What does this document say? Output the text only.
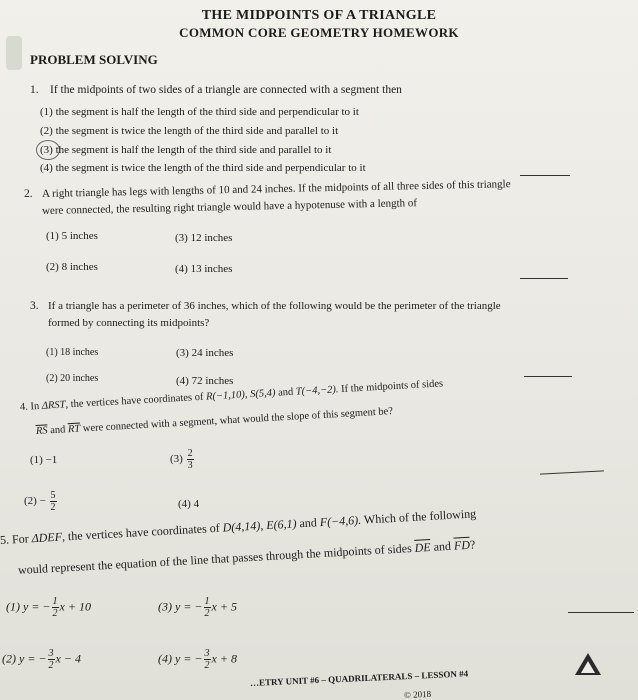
THE MIDPOINTS OF A TRIANGLE
COMMON CORE GEOMETRY HOMEWORK
PROBLEM SOLVING
1. If the midpoints of two sides of a triangle are connected with a segment then
(1) the segment is half the length of the third side and perpendicular to it
(2) the segment is twice the length of the third side and parallel to it
(3) the segment is half the length of the third side and parallel to it
(4) the segment is twice the length of the third side and perpendicular to it
2. A right triangle has legs with lengths of 10 and 24 inches. If the midpoints of all three sides of this triangle
were connected, the resulting right triangle would have a hypotenuse with a length of
(1) 5 inches	(3) 12 inches
(2) 8 inches	(4) 13 inches
3. If a triangle has a perimeter of 36 inches, which of the following would be the perimeter of the triangle
formed by connecting its midpoints?
(1) 18 inches	(3) 24 inches
(2) 20 inches	(4) 72 inches
4. In ΔRST, the vertices have coordinates of R(−1,10), S(5,4) and T(−4,−2). If the midpoints of sides
$\overline{RS}$ and $\overline{RT}$ were connected with a segment, what would the slope of this segment be?
(1) −1	$(3) \frac{2}{3}$
$(2) - \frac{5}{2}$	(4) 4
5. For ΔDEF, the vertices have coordinates of D(4,14), E(6,1) and F(−4,6). Which of the following
would represent the equation of the line that passes through the midpoints of sides $\overline{DE}$ and $\overline{FD}$?
(1) y = − $\frac{1}{2}$ x + 10	(3) y = − $\frac{1}{2}$ x + 5
(2) y = − $\frac{3}{2}$ x − 4	(4) y = − $\frac{3}{2}$ x + 8
…ETRY UNIT #6 – QUADRILATERALS – LESSON #4
© 2018
